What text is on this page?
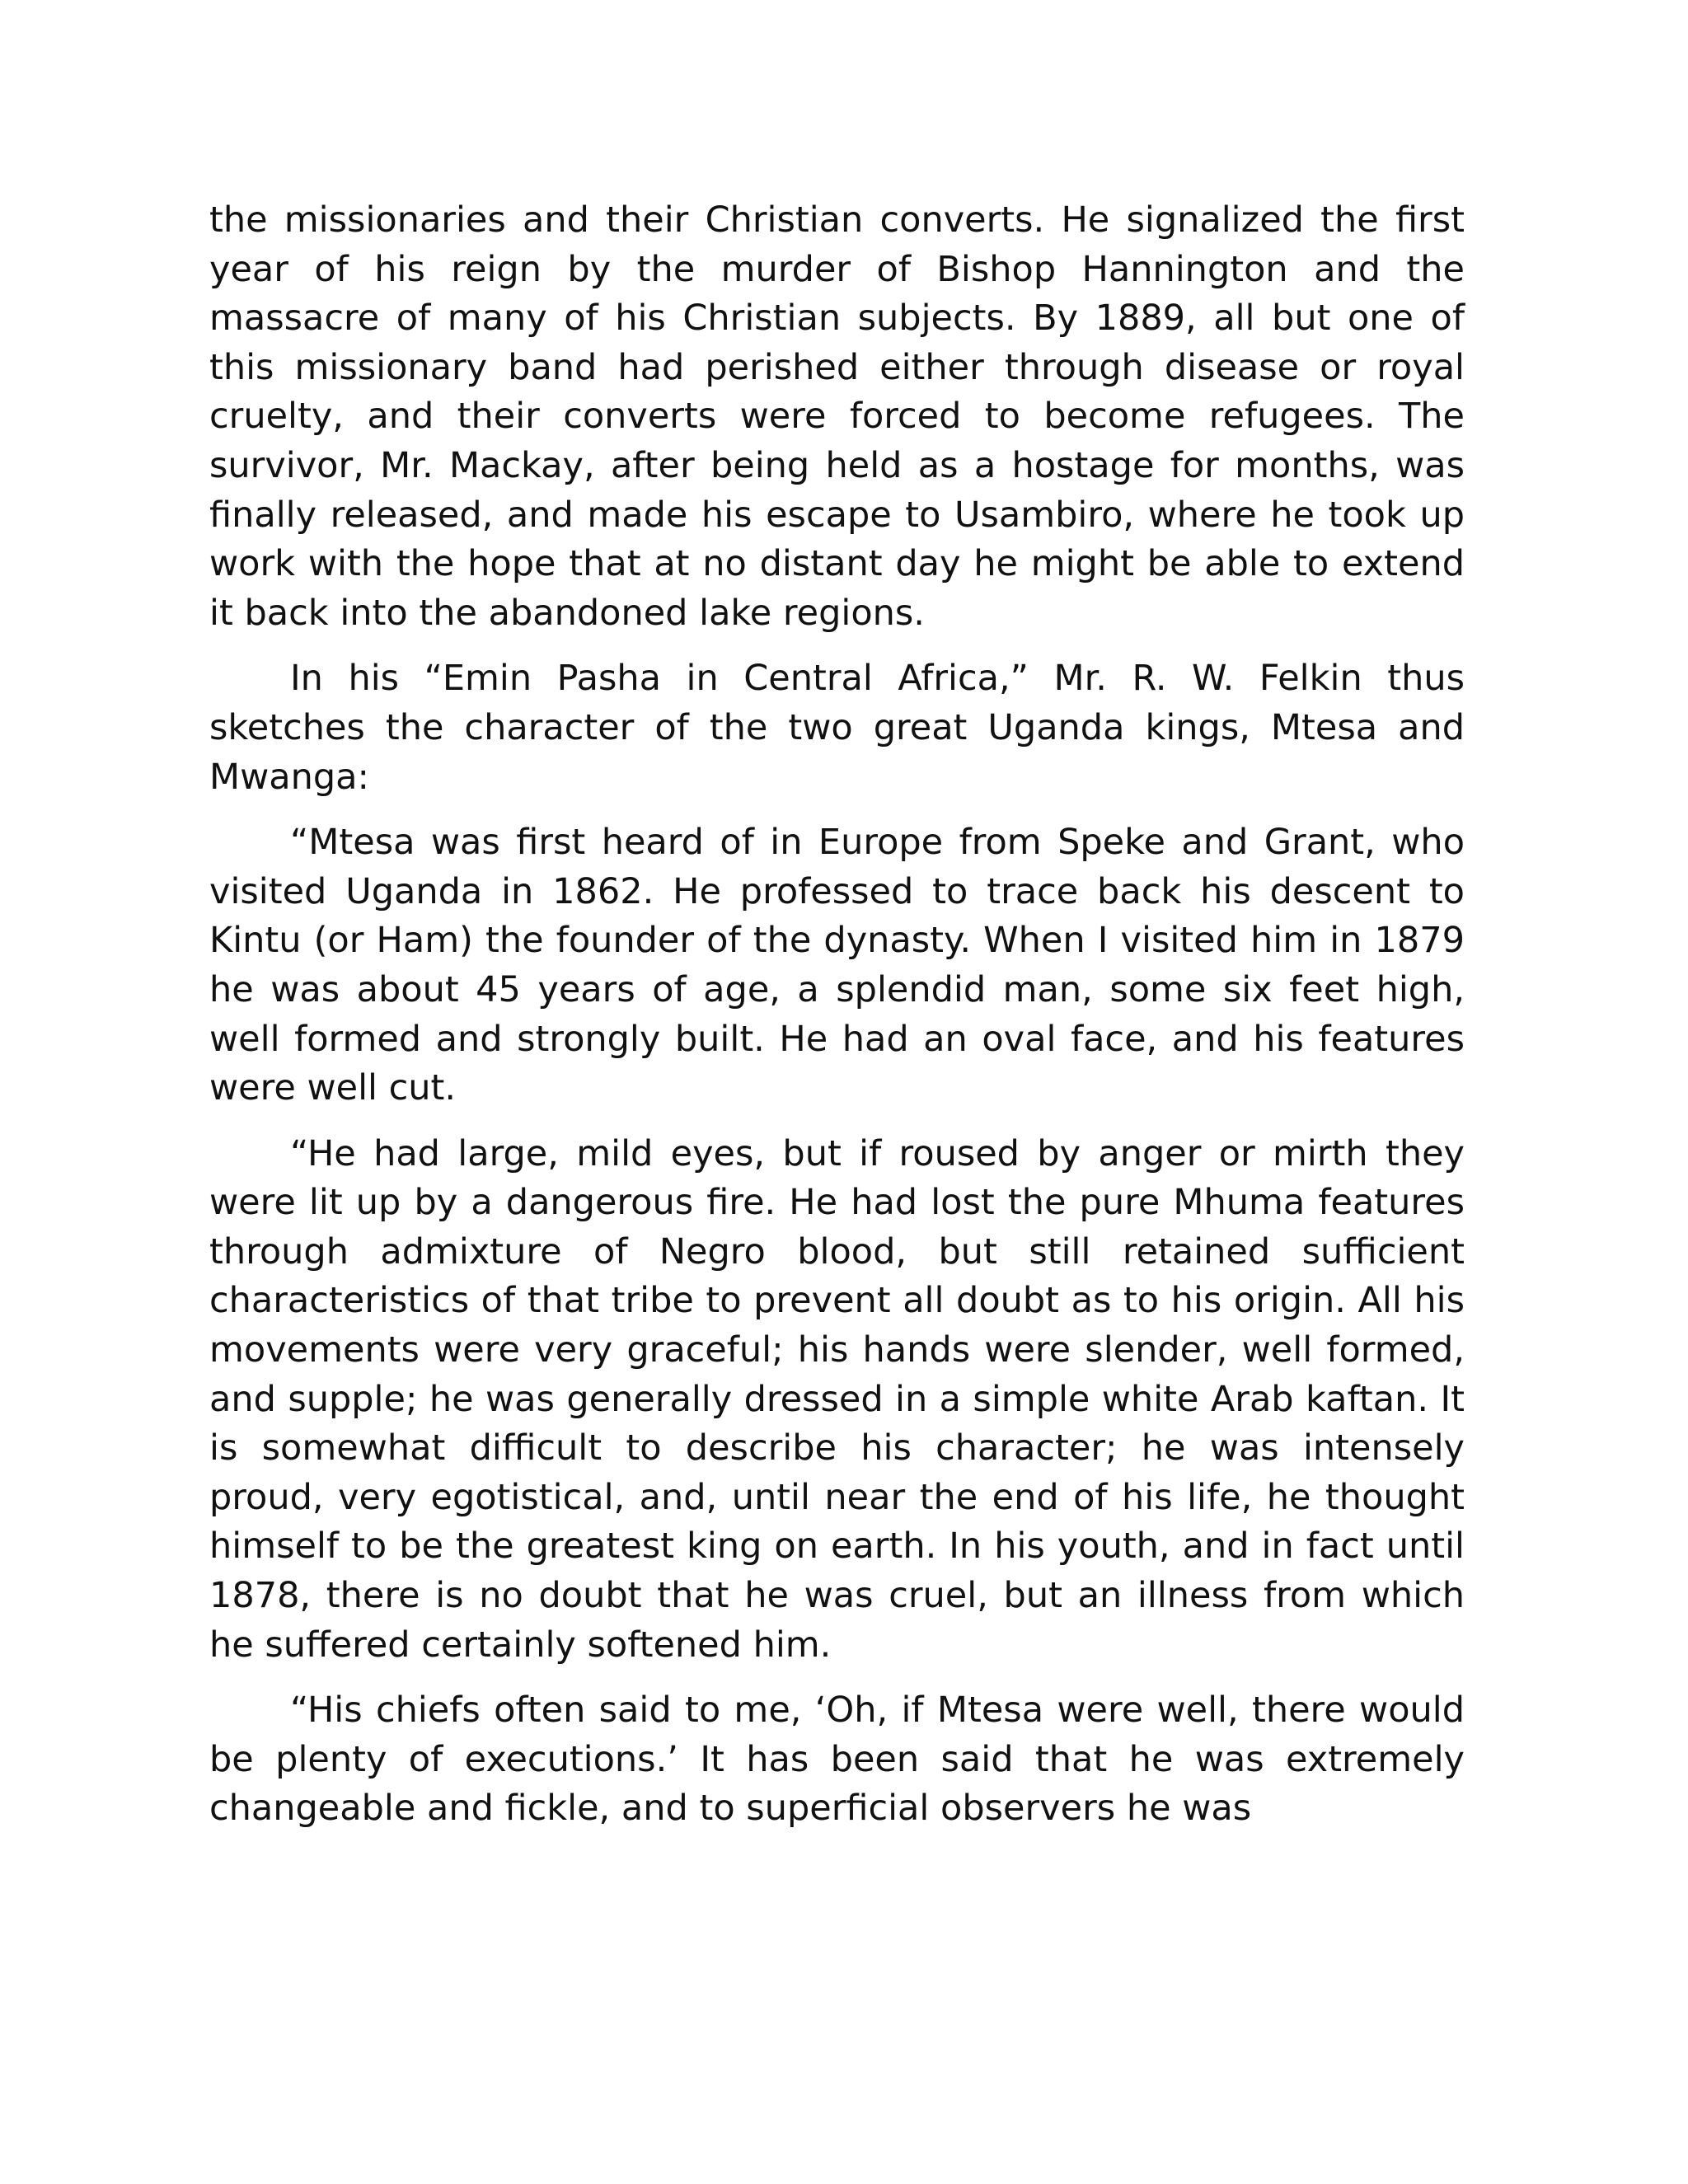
the missionaries and their Christian converts. He signalized the first year of his reign by the murder of Bishop Hannington and the massacre of many of his Christian subjects. By 1889, all but one of this missionary band had perished either through disease or royal cruelty, and their converts were forced to become refugees. The survivor, Mr. Mackay, after being held as a hostage for months, was finally released, and made his escape to Usambiro, where he took up work with the hope that at no distant day he might be able to extend it back into the abandoned lake regions.

In his “Emin Pasha in Central Africa,” Mr. R. W. Felkin thus sketches the character of the two great Uganda kings, Mtesa and Mwanga:

“Mtesa was first heard of in Europe from Speke and Grant, who visited Uganda in 1862. He professed to trace back his descent to Kintu (or Ham) the founder of the dynasty. When I visited him in 1879 he was about 45 years of age, a splendid man, some six feet high, well formed and strongly built. He had an oval face, and his features were well cut.

“He had large, mild eyes, but if roused by anger or mirth they were lit up by a dangerous fire. He had lost the pure Mhuma features through admixture of Negro blood, but still retained sufficient characteristics of that tribe to prevent all doubt as to his origin. All his movements were very graceful; his hands were slender, well formed, and supple; he was generally dressed in a simple white Arab kaftan. It is somewhat difficult to describe his character; he was intensely proud, very egotistical, and, until near the end of his life, he thought himself to be the greatest king on earth. In his youth, and in fact until 1878, there is no doubt that he was cruel, but an illness from which he suffered certainly softened him.

“His chiefs often said to me, ‘Oh, if Mtesa were well, there would be plenty of executions.’ It has been said that he was extremely changeable and fickle, and to superficial observers he was
